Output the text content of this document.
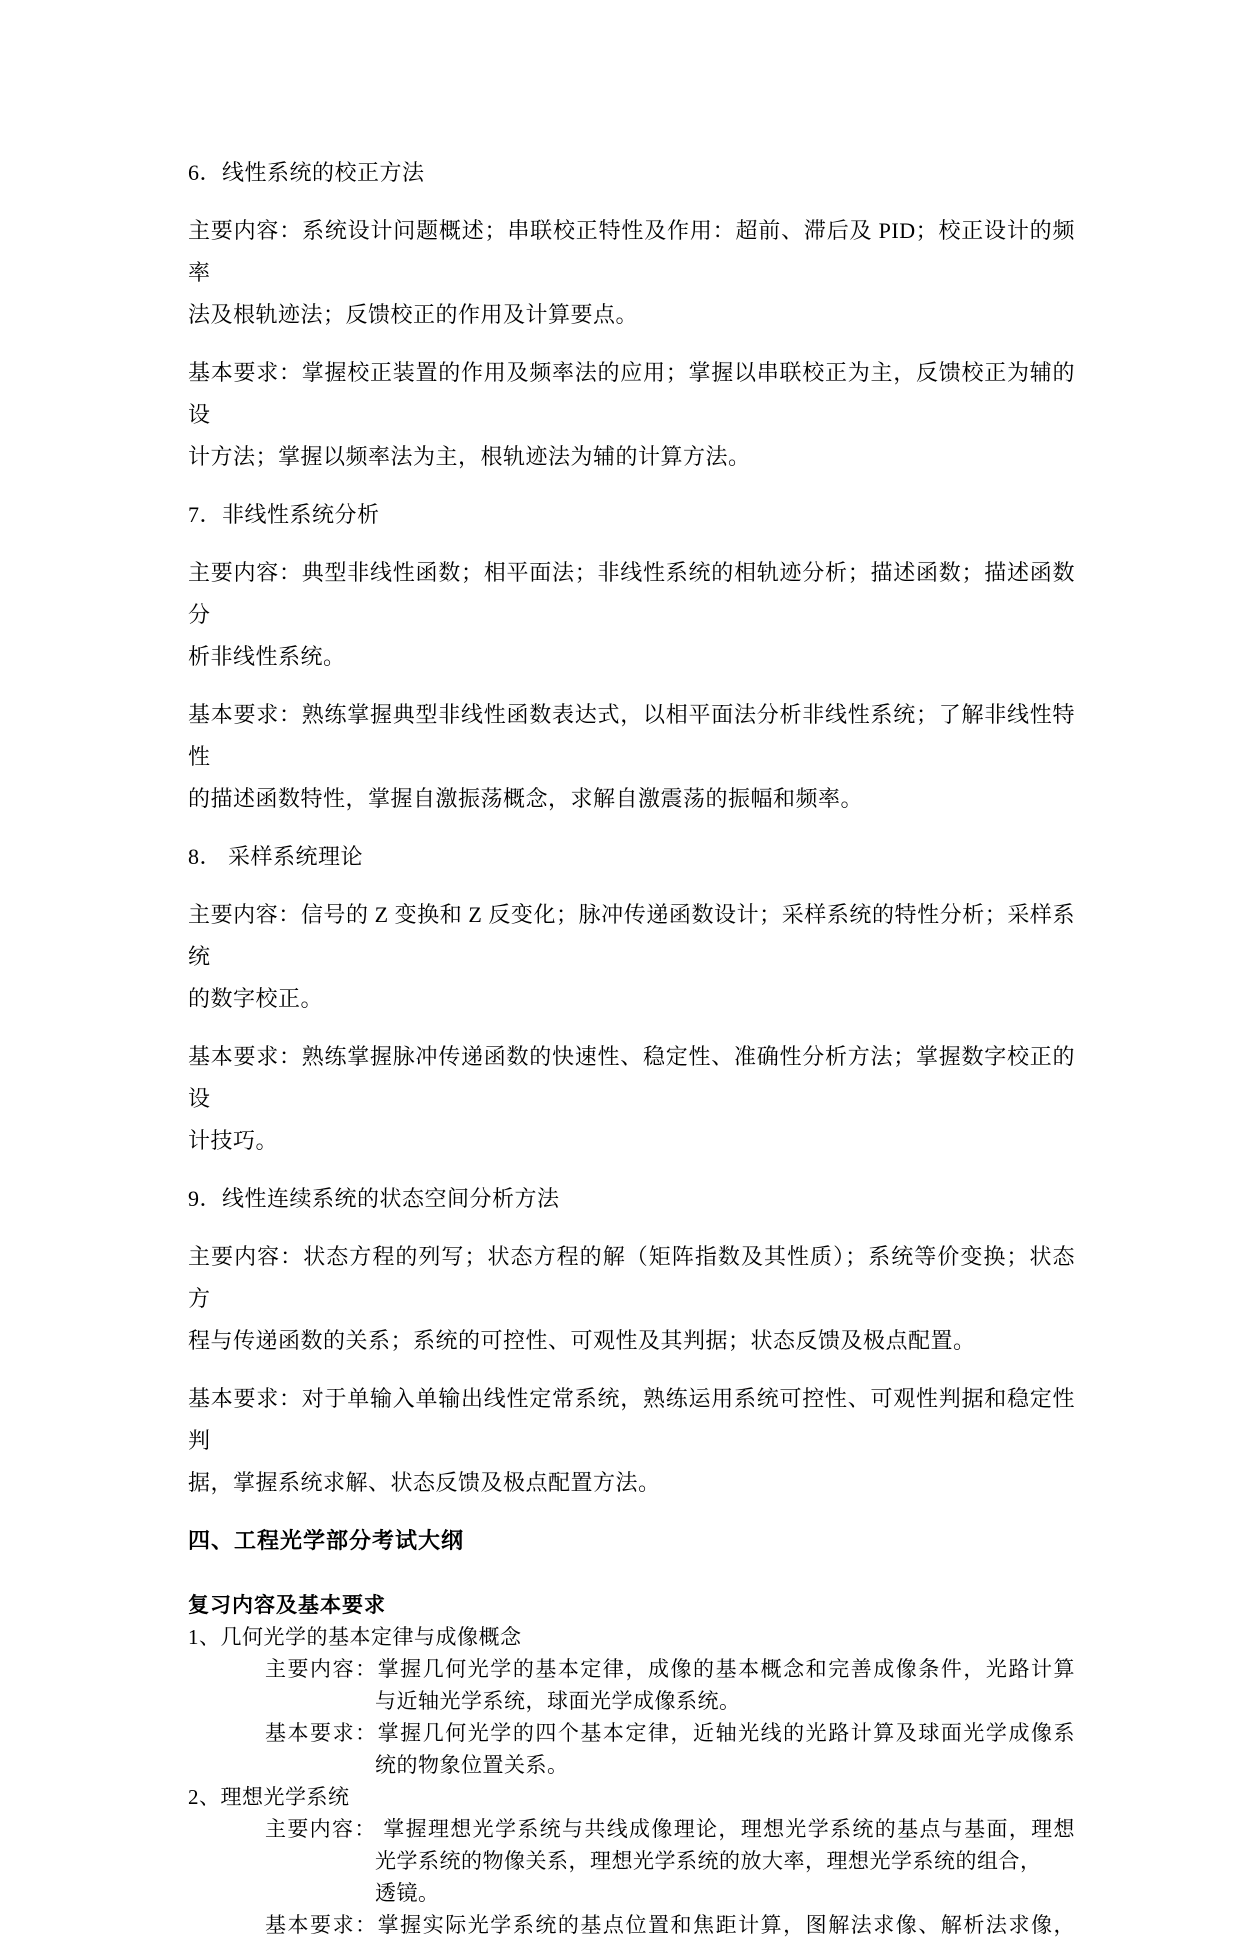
6．线性系统的校正方法
主要内容：系统设计问题概述；串联校正特性及作用：超前、滞后及 PID；校正设计的频率
法及根轨迹法；反馈校正的作用及计算要点。
基本要求：掌握校正装置的作用及频率法的应用；掌握以串联校正为主，反馈校正为辅的设
计方法；掌握以频率法为主，根轨迹法为辅的计算方法。
7．非线性系统分析
主要内容：典型非线性函数；相平面法；非线性系统的相轨迹分析；描述函数；描述函数分
析非线性系统。
基本要求：熟练掌握典型非线性函数表达式，以相平面法分析非线性系统；了解非线性特性
的描述函数特性，掌握自激振荡概念，求解自激震荡的振幅和频率。
8． 采样系统理论
主要内容：信号的 Z 变换和 Z 反变化；脉冲传递函数设计；采样系统的特性分析；采样系统
的数字校正。
基本要求：熟练掌握脉冲传递函数的快速性、稳定性、准确性分析方法；掌握数字校正的设
计技巧。
9．线性连续系统的状态空间分析方法
主要内容：状态方程的列写；状态方程的解（矩阵指数及其性质）；系统等价变换；状态方
程与传递函数的关系；系统的可控性、可观性及其判据；状态反馈及极点配置。
基本要求：对于单输入单输出线性定常系统，熟练运用系统可控性、可观性判据和稳定性判
据，掌握系统求解、状态反馈及极点配置方法。
四、工程光学部分考试大纲
复习内容及基本要求
1、几何光学的基本定律与成像概念
主要内容：掌握几何光学的基本定律，成像的基本概念和完善成像条件，光路计算
与近轴光学系统，球面光学成像系统。
基本要求：掌握几何光学的四个基本定律，近轴光线的光路计算及球面光学成像系
统的物象位置关系。
2、理想光学系统
主要内容： 掌握理想光学系统与共线成像理论，理想光学系统的基点与基面，理想
光学系统的物像关系，理想光学系统的放大率，理想光学系统的组合，
透镜。
基本要求：掌握实际光学系统的基点位置和焦距计算，图解法求像、解析法求像，
